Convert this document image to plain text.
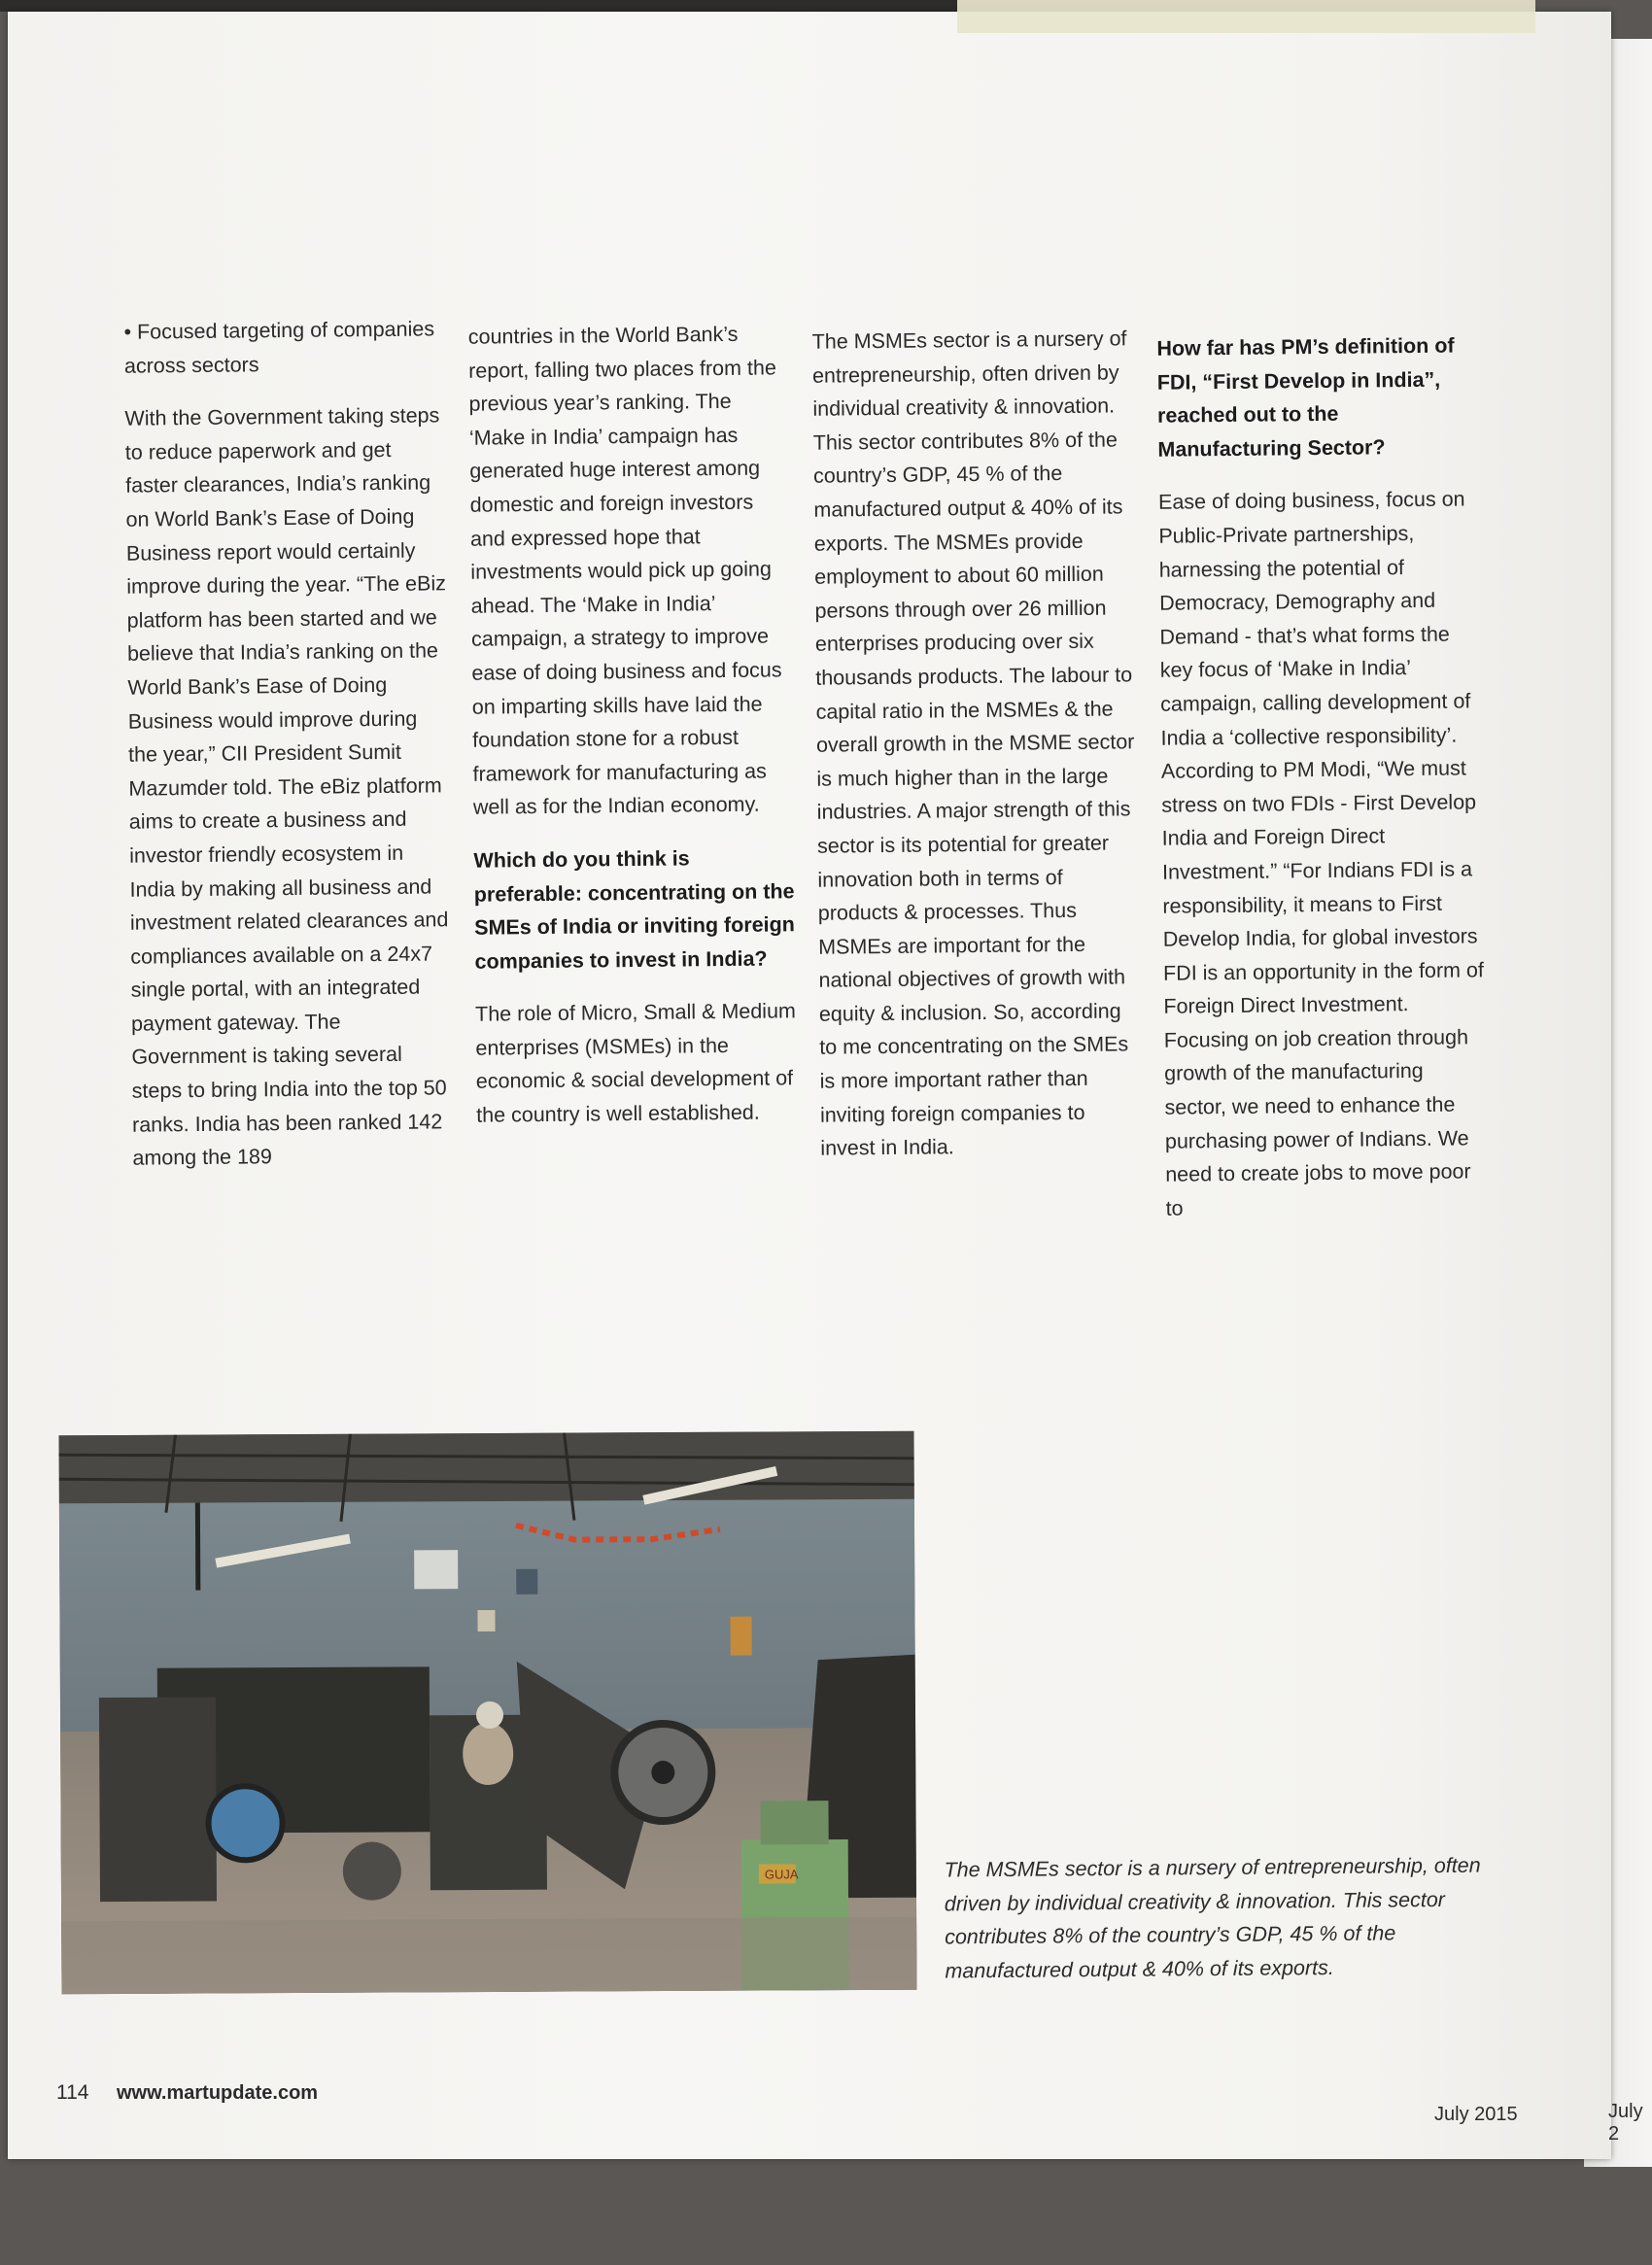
• Focused targeting of companies across sectors

With the Government taking steps to reduce paperwork and get faster clearances, India’s ranking on World Bank’s Ease of Doing Business report would certainly improve during the year. “The eBiz platform has been started and we believe that India’s ranking on the World Bank’s Ease of Doing Business would improve during the year,” CII President Sumit Mazumder told. The eBiz platform aims to create a business and investor friendly ecosystem in India by making all business and investment related clearances and compliances available on a 24x7 single portal, with an integrated payment gateway. The Government is taking several steps to bring India into the top 50 ranks. India has been ranked 142 among the 189

countries in the World Bank’s report, falling two places from the previous year’s ranking. The ‘Make in India’ campaign has generated huge interest among domestic and foreign investors and expressed hope that investments would pick up going ahead. The ‘Make in India’ campaign, a strategy to improve ease of doing business and focus on imparting skills have laid the foundation stone for a robust framework for manufacturing as well as for the Indian economy.

Which do you think is preferable: concentrating on the SMEs of India or inviting foreign companies to invest in India?

The role of Micro, Small & Medium enterprises (MSMEs) in the economic & social development of the country is well established.

The MSMEs sector is a nursery of entrepreneurship, often driven by individual creativity & innovation. This sector contributes 8% of the country’s GDP, 45 % of the manufactured output & 40% of its exports. The MSMEs provide employment to about 60 million persons through over 26 million enterprises producing over six thousands products. The labour to capital ratio in the MSMEs & the overall growth in the MSME sector is much higher than in the large industries. A major strength of this sector is its potential for greater innovation both in terms of products & processes. Thus MSMEs are important for the national objectives of growth with equity & inclusion. So, according to me concentrating on the SMEs is more important rather than inviting foreign companies to invest in India.

How far has PM’s definition of FDI, “First Develop in India”, reached out to the Manufacturing Sector?

Ease of doing business, focus on Public-Private partnerships, harnessing the potential of Democracy, Demography and Demand - that’s what forms the key focus of ‘Make in India’ campaign, calling development of India a ‘collective responsibility’. According to PM Modi, “We must stress on two FDIs - First Develop India and Foreign Direct Investment.” “For Indians FDI is a responsibility, it means to First Develop India, for global investors FDI is an opportunity in the form of Foreign Direct Investment. Focusing on job creation through growth of the manufacturing sector, we need to enhance the purchasing power of Indians. We need to create jobs to move poor to

GUJA	The MSMEs sector is a nursery of entrepreneurship, often driven by individual creativity & innovation. This sector contributes 8% of the country’s GDP, 45 % of the manufactured output & 40% of its exports.
114 www.martupdate.com
July 2015	July 2
